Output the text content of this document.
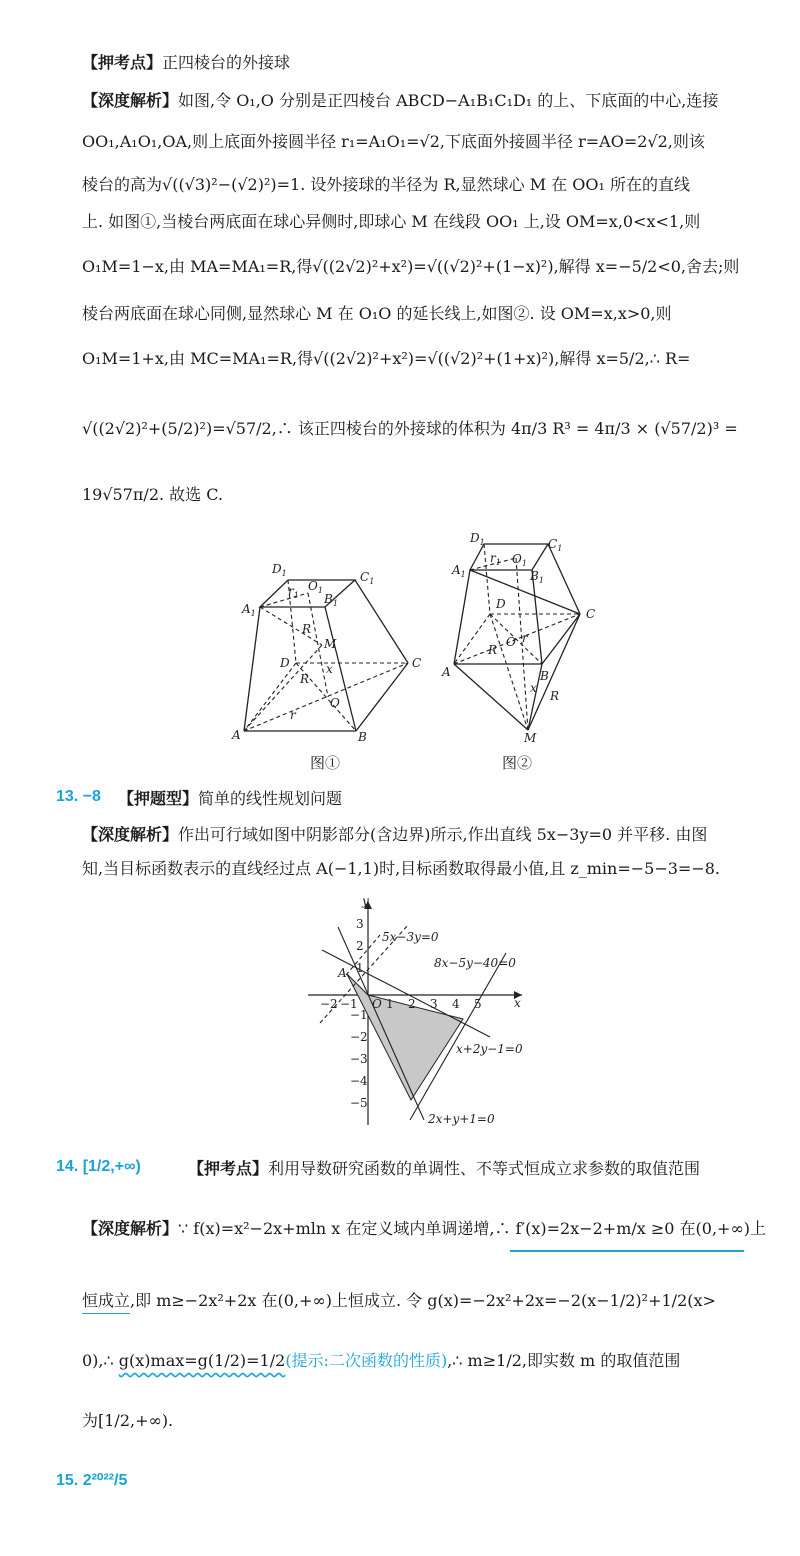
【押考点】正四棱台的外接球
【深度解析】如图,令 O₁,O 分别是正四棱台 ABCD−A₁B₁C₁D₁ 的上、下底面的中心,连接
OO₁,A₁O₁,OA,则上底面外接圆半径 r₁=A₁O₁=√2,下底面外接圆半径 r=AO=2√2,则该
棱台的高为√((√3)²−(√2)²)=1. 设外接球的半径为 R,显然球心 M 在 OO₁ 所在的直线
上. 如图①,当棱台两底面在球心异侧时,即球心 M 在线段 OO₁ 上,设 OM=x,0<x<1,则
O₁M=1−x,由 MA=MA₁=R,得√((2√2)²+x²)=√((√2)²+(1−x)²),解得 x=−5/2<0,舍去;则
棱台两底面在球心同侧,显然球心 M 在 O₁O 的延长线上,如图②. 设 OM=x,x>0,则
O₁M=1+x,由 MC=MA₁=R,得√((2√2)²+x²)=√((√2)²+(1+x)²),解得 x=5/2,∴ R=
√((2√2)²+(5/2)²)=√57/2,∴ 该正四棱台的外接球的体积为 4π/3 R³ = 4π/3 × (√57/2)³ =
19√57π/2. 故选 C.
$D_1$	$C_1$
$A_1$
$B_1$
$O_1$
$r_1$
R
M
D	C
R
x
O
r
A	B
图①
$D_1$	$C_1$
$A_1$	$B_1$
$O_1$
$r_1$
D
C
O r
R
A	B
x
R
M
图②
13. −8 【押题型】简单的线性规划问题
【深度解析】作出可行域如图中阴影部分(含边界)所示,作出直线 5x−3y=0 并平移. 由图
知,当目标函数表示的直线经过点 A(−1,1)时,目标函数取得最小值,且 z_min=−5−3=−8.
y
x
3
2
1
O
−2 −1 1 2 3 4 5
−1
−2
−3
−4
−5
A
5x−3y=0
8x−5y−40=0
x+2y−1=0
2x+y+1=0
14. [1/2,+∞)	【押考点】利用导数研究函数的单调性、不等式恒成立求参数的取值范围
【深度解析】∵ f(x)=x²−2x+mln x 在定义域内单调递增,∴ f′(x)=2x−2+m/x ≥0 在(0,+∞)上
恒成立,即 m≥−2x²+2x 在(0,+∞)上恒成立. 令 g(x)=−2x²+2x=−2(x−1/2)²+1/2(x>
0),∴ g(x)max=g(1/2)=1/2(提示:二次函数的性质),∴ m≥1/2,即实数 m 的取值范围
为[1/2,+∞).
15. 2²⁰²²/5
